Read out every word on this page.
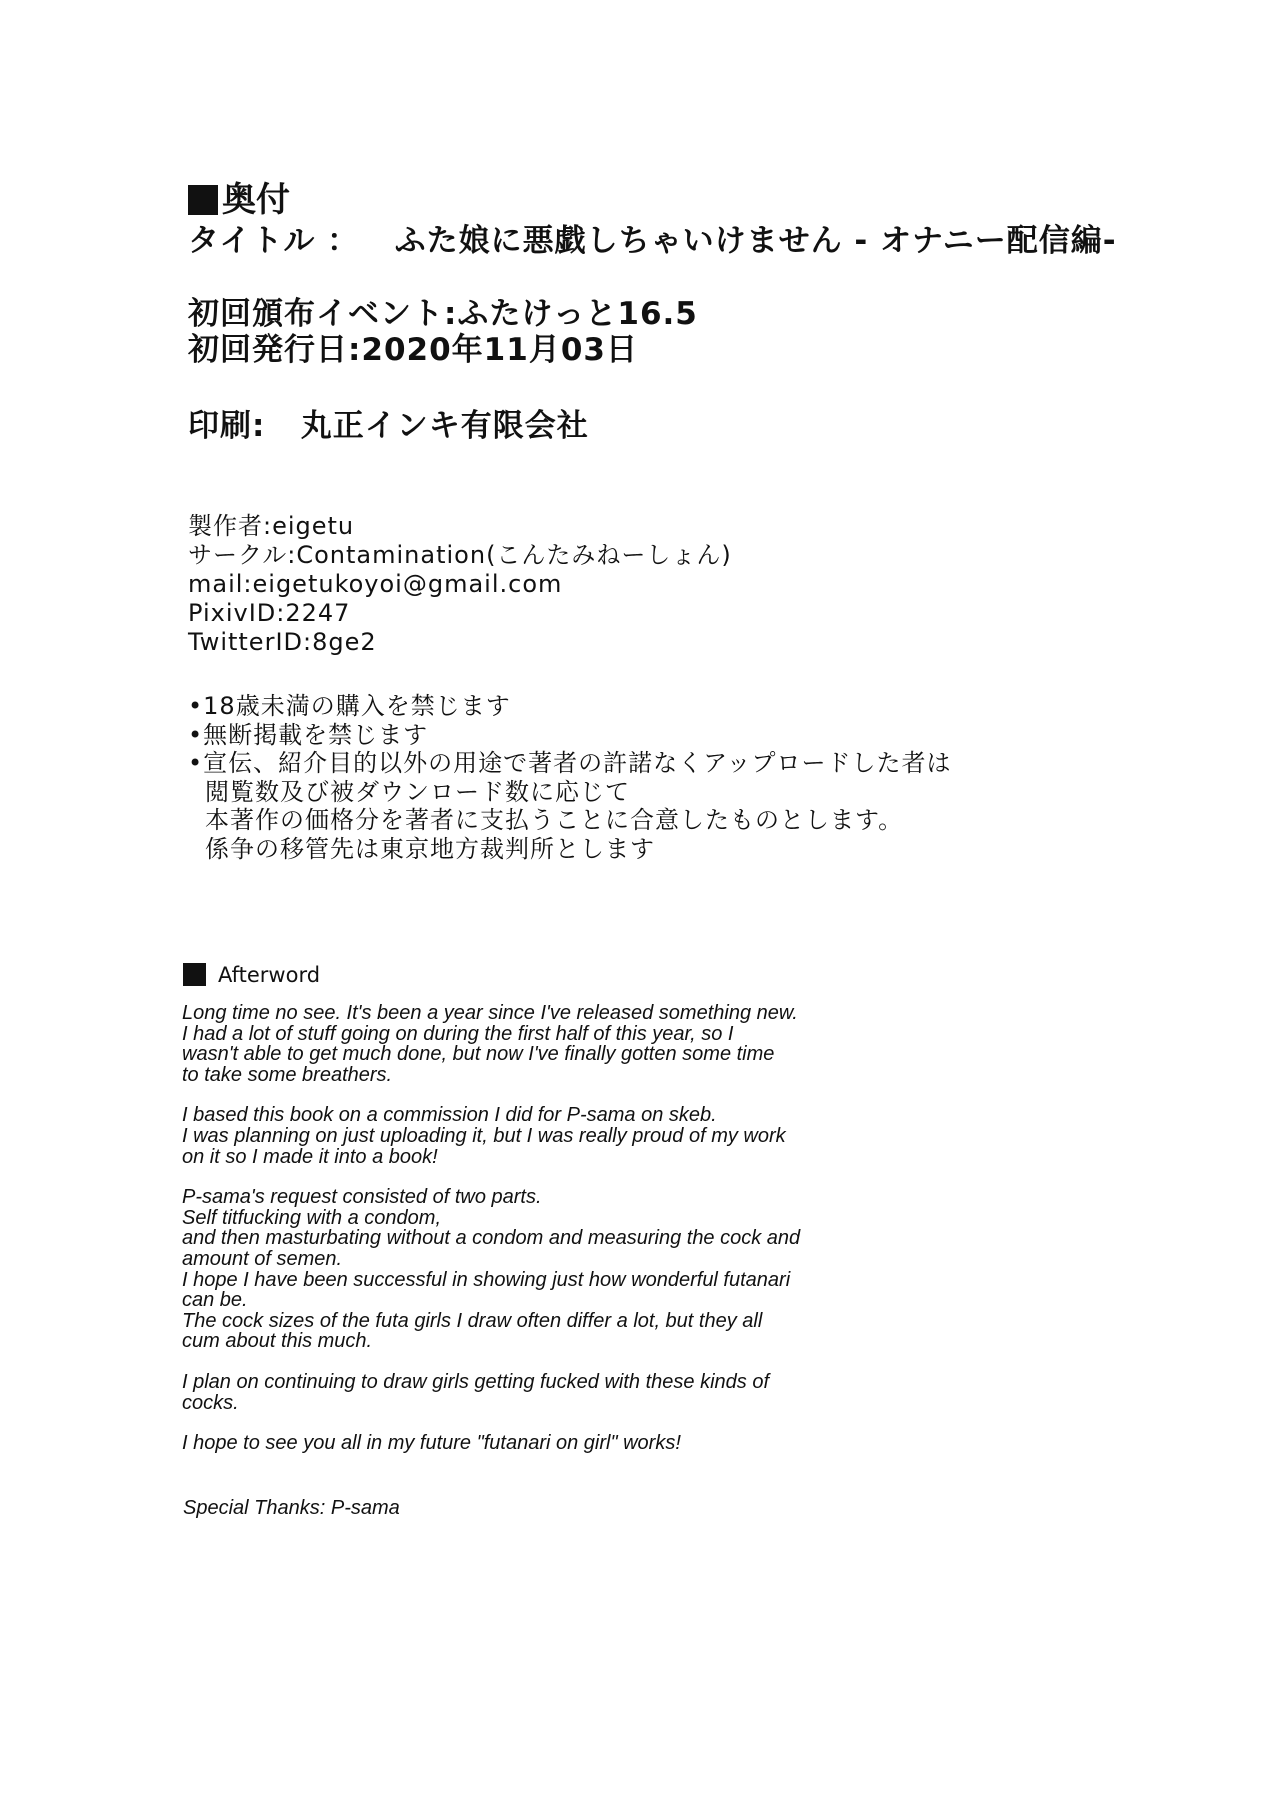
奥付
タイトル ： ふた娘に悪戯しちゃいけません - オナニー配信編-
初回頒布イベント:ふたけっと16.5
初回発行日:2020年11月03日
印刷: 丸正インキ有限会社
製作者:eigetu
サークル:Contamination(こんたみねーしょん)
mail:eigetukoyoi@gmail.com
PixivID:2247
TwitterID:8ge2
•18歳未満の購入を禁じます
•無断掲載を禁じます
•宣伝、紹介目的以外の用途で著者の許諾なくアップロードした者は
閲覧数及び被ダウンロード数に応じて
本著作の価格分を著者に支払うことに合意したものとします。
係争の移管先は東京地方裁判所とします
Afterword

Long time no see. It's been a year since I've released something new.
I had a lot of stuff going on during the first half of this year, so I
wasn't able to get much done, but now I've finally gotten some time
to take some breathers.

I based this book on a commission I did for P-sama on skeb.
I was planning on just uploading it, but I was really proud of my work
on it so I made it into a book!

P-sama's request consisted of two parts.
Self titfucking with a condom,
and then masturbating without a condom and measuring the cock and
amount of semen.
I hope I have been successful in showing just how wonderful futanari
can be.
The cock sizes of the futa girls I draw often differ a lot, but they all
cum about this much.

I plan on continuing to draw girls getting fucked with these kinds of
cocks.

I hope to see you all in my future "futanari on girl" works!

Special Thanks: P-sama
